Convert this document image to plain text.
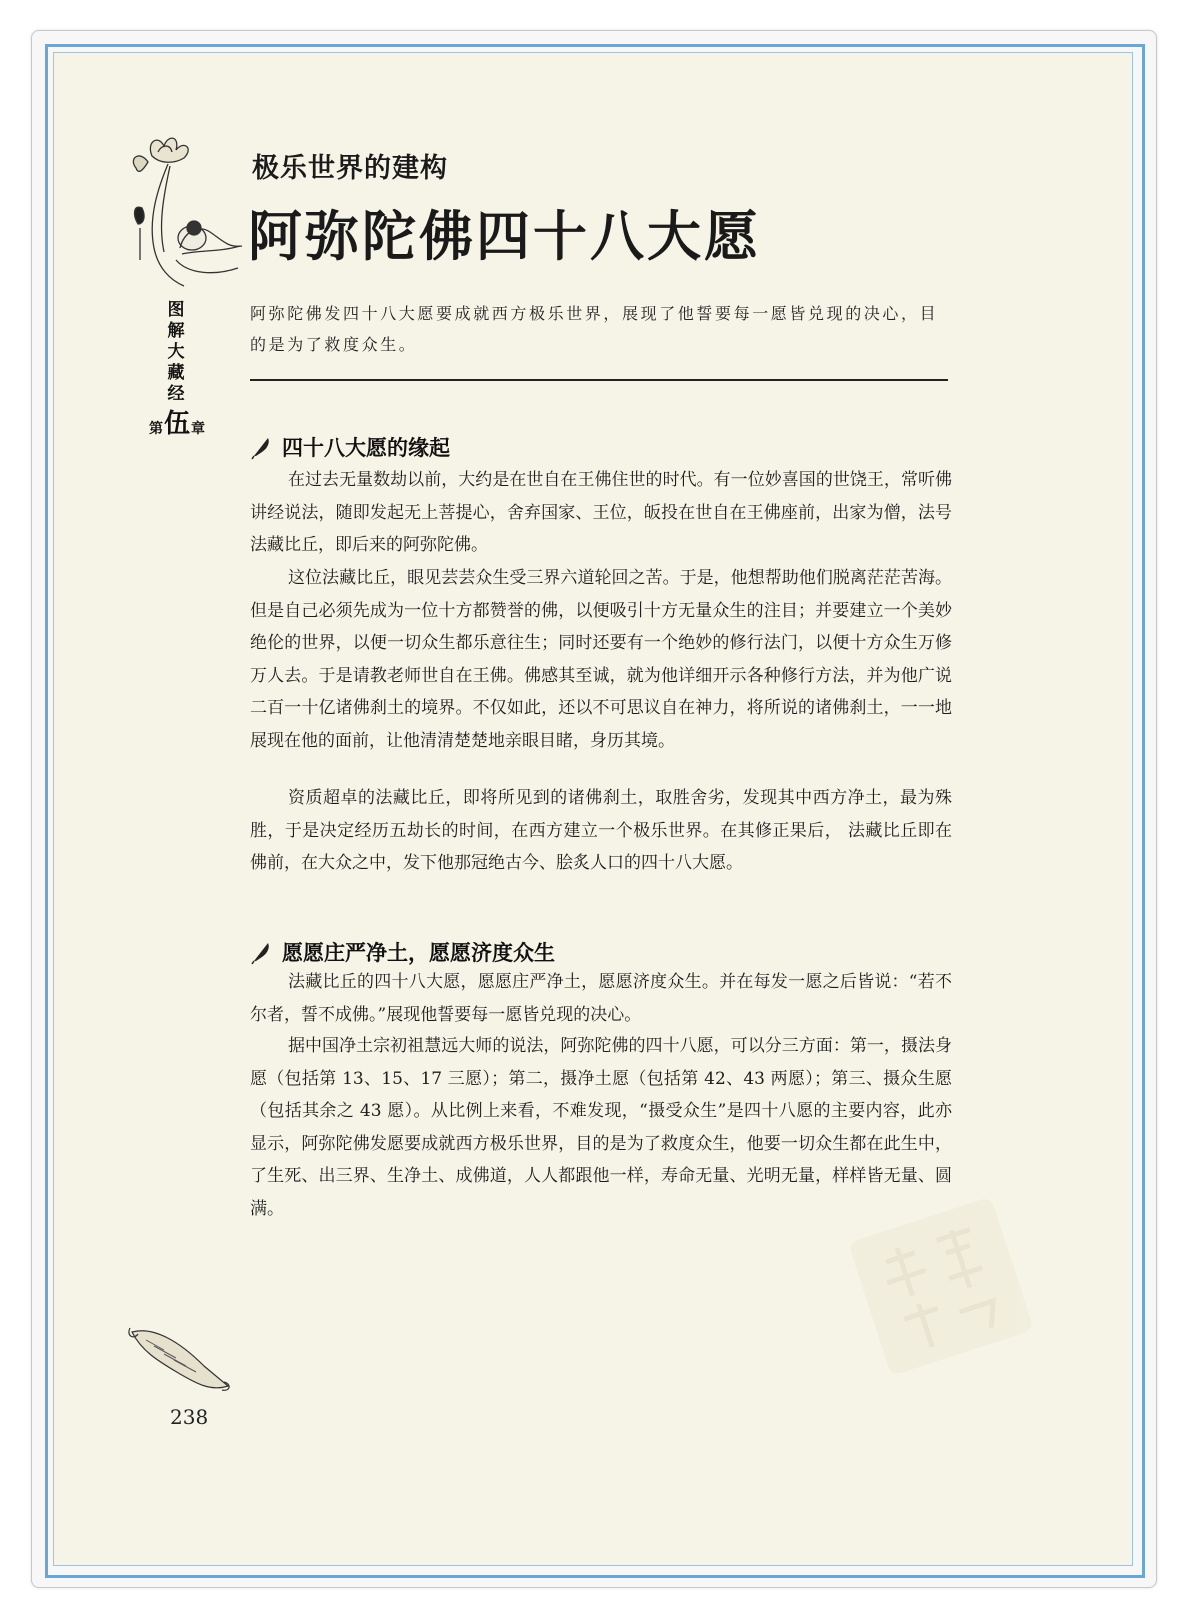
图
解
大
藏
经
第 伍 章
极乐世界的建构
阿弥陀佛四十八大愿
阿弥陀佛发四十八大愿要成就西方极乐世界，展现了他誓要每一愿皆兑现的决心，目的是为了救度众生。
四十八大愿的缘起

在过去无量数劫以前，大约是在世自在王佛住世的时代。有一位妙喜国的世饶王，常听佛讲经说法，随即发起无上菩提心，舍弃国家、王位，皈投在世自在王佛座前，出家为僧，法号法藏比丘，即后来的阿弥陀佛。

这位法藏比丘，眼见芸芸众生受三界六道轮回之苦。于是，他想帮助他们脱离茫茫苦海。但是自己必须先成为一位十方都赞誉的佛，以便吸引十方无量众生的注目；并要建立一个美妙绝伦的世界，以便一切众生都乐意往生；同时还要有一个绝妙的修行法门，以便十方众生万修万人去。于是请教老师世自在王佛。佛感其至诚，就为他详细开示各种修行方法，并为他广说二百一十亿诸佛刹土的境界。不仅如此，还以不可思议自在神力，将所说的诸佛刹土，一一地展现在他的面前，让他清清楚楚地亲眼目睹，身历其境。

资质超卓的法藏比丘，即将所见到的诸佛刹土，取胜舍劣，发现其中西方净土，最为殊胜，于是决定经历五劫长的时间，在西方建立一个极乐世界。在其修正果后， 法藏比丘即在佛前，在大众之中，发下他那冠绝古今、脍炙人口的四十八大愿。

愿愿庄严净土，愿愿济度众生

法藏比丘的四十八大愿，愿愿庄严净土，愿愿济度众生。并在每发一愿之后皆说：“若不尔者，誓不成佛。”展现他誓要每一愿皆兑现的决心。

据中国净土宗初祖慧远大师的说法，阿弥陀佛的四十八愿，可以分三方面：第一，摄法身愿（包括第 13、15、17 三愿）；第二，摄净土愿（包括第 42、43 两愿）；第三、摄众生愿（包括其余之 43 愿）。从比例上来看，不难发现，“摄受众生”是四十八愿的主要内容，此亦显示，阿弥陀佛发愿要成就西方极乐世界，目的是为了救度众生，他要一切众生都在此生中，了生死、出三界、生净土、成佛道，人人都跟他一样，寿命无量、光明无量，样样皆无量、圆满。

238
